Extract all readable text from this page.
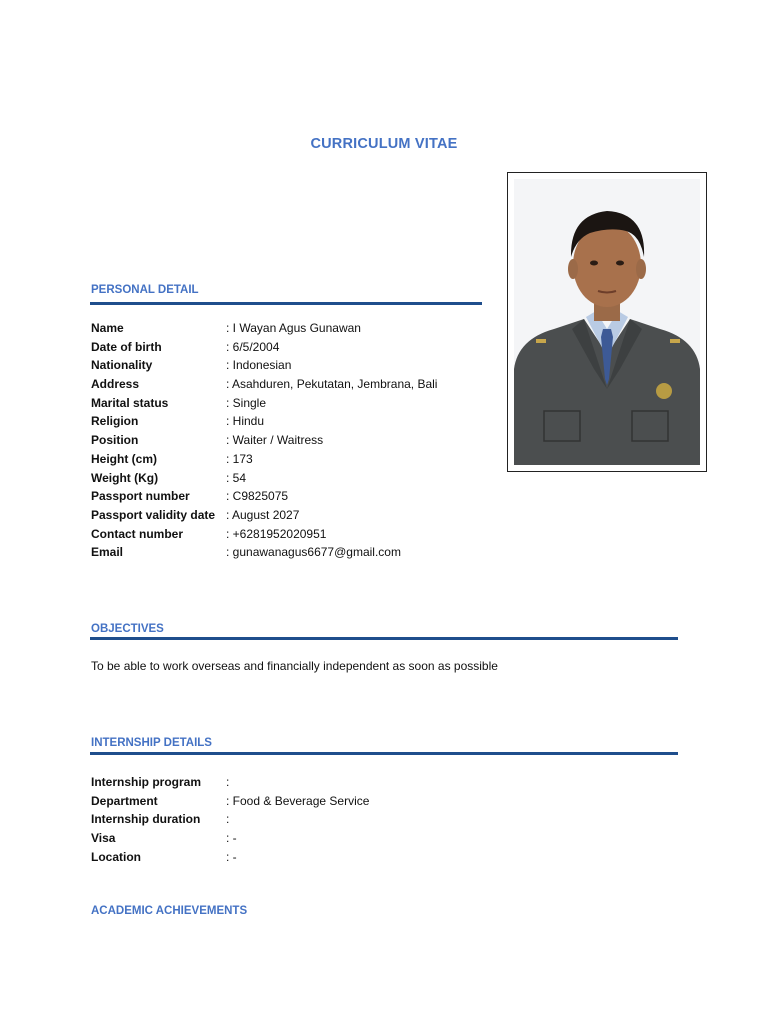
CURRICULUM VITAE
PERSONAL DETAIL
Name	: I Wayan Agus Gunawan
Date of birth	: 6/5/2004
Nationality	: Indonesian
Address	: Asahduren, Pekutatan, Jembrana, Bali
Marital status	: Single
Religion	: Hindu
Position	: Waiter / Waitress
Height (cm)	: 173
Weight (Kg)	: 54
Passport number	: C9825075
Passport validity date : August 2027
Contact number	: +6281952020951
Email	: gunawanagus6677@gmail.com
OBJECTIVES
To be able to work overseas and financially independent as soon as possible
INTERNSHIP DETAILS
Internship program :
Department	: Food & Beverage Service
Internship duration :
Visa	: -
Location	: -
ACADEMIC ACHIEVEMENTS
